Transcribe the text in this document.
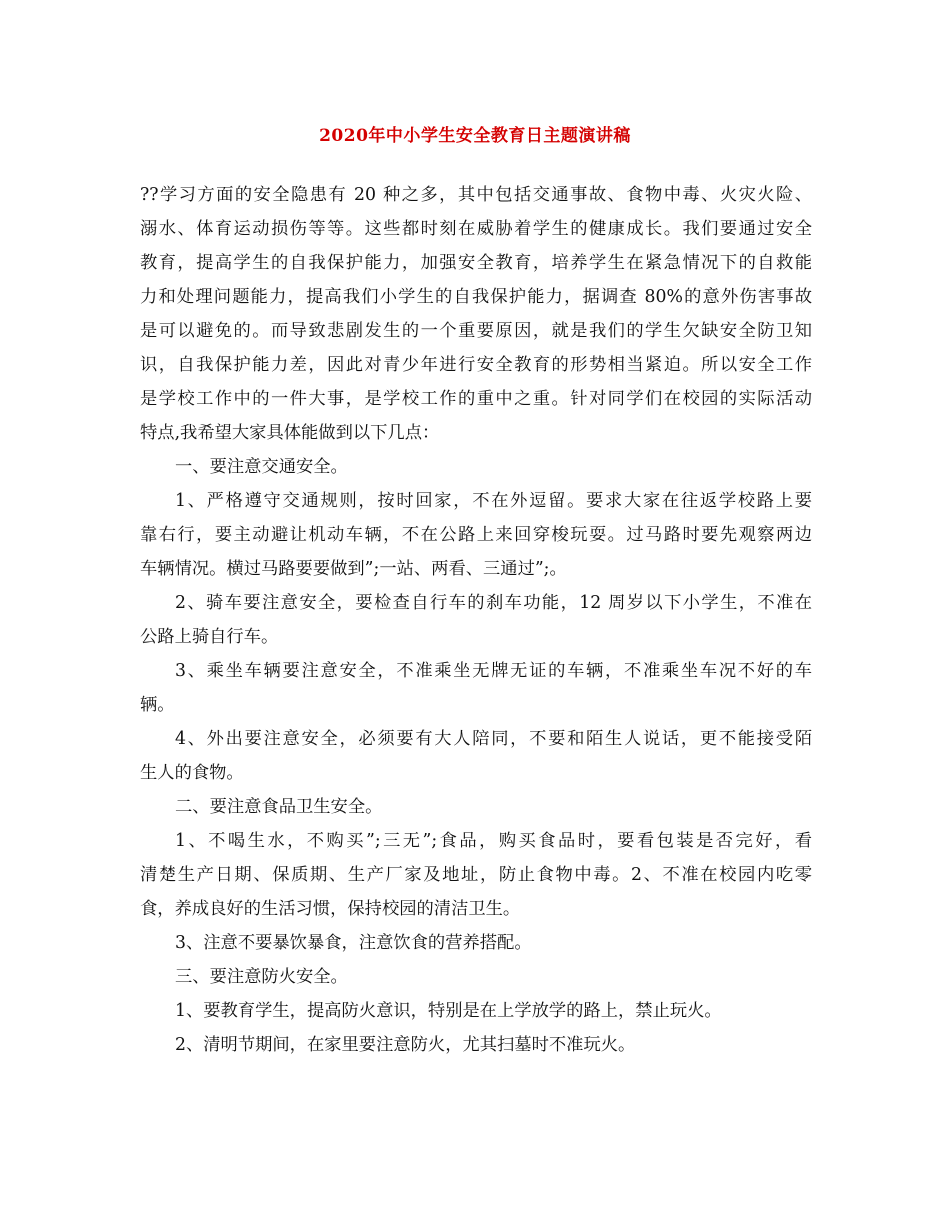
2020年中小学生安全教育日主题演讲稿
??学习方面的安全隐患有 20 种之多，其中包括交通事故、食物中毒、火灾火险、
溺水、体育运动损伤等等。这些都时刻在威胁着学生的健康成长。我们要通过安全
教育，提高学生的自我保护能力，加强安全教育，培养学生在紧急情况下的自救能
力和处理问题能力，提高我们小学生的自我保护能力，据调查 80%的意外伤害事故
是可以避免的。而导致悲剧发生的一个重要原因，就是我们的学生欠缺安全防卫知
识，自我保护能力差，因此对青少年进行安全教育的形势相当紧迫。所以安全工作
是学校工作中的一件大事，是学校工作的重中之重。针对同学们在校园的实际活动
特点,我希望大家具体能做到以下几点：
一、要注意交通安全。
1、严格遵守交通规则，按时回家，不在外逗留。要求大家在往返学校路上要
靠右行，要主动避让机动车辆，不在公路上来回穿梭玩耍。过马路时要先观察两边
车辆情况。横过马路要要做到”;一站、两看、三通过”;。
2、骑车要注意安全，要检查自行车的刹车功能，12 周岁以下小学生，不准在
公路上骑自行车。
3、乘坐车辆要注意安全，不准乘坐无牌无证的车辆，不准乘坐车况不好的车
辆。
4、外出要注意安全，必须要有大人陪同，不要和陌生人说话，更不能接受陌
生人的食物。
二、要注意食品卫生安全。
1、不喝生水，不购买”;三无”;食品，购买食品时，要看包装是否完好，看
清楚生产日期、保质期、生产厂家及地址，防止食物中毒。2、不准在校园内吃零
食，养成良好的生活习惯，保持校园的清洁卫生。
3、注意不要暴饮暴食，注意饮食的营养搭配。
三、要注意防火安全。
1、要教育学生，提高防火意识，特别是在上学放学的路上，禁止玩火。
2、清明节期间，在家里要注意防火，尤其扫墓时不准玩火。
